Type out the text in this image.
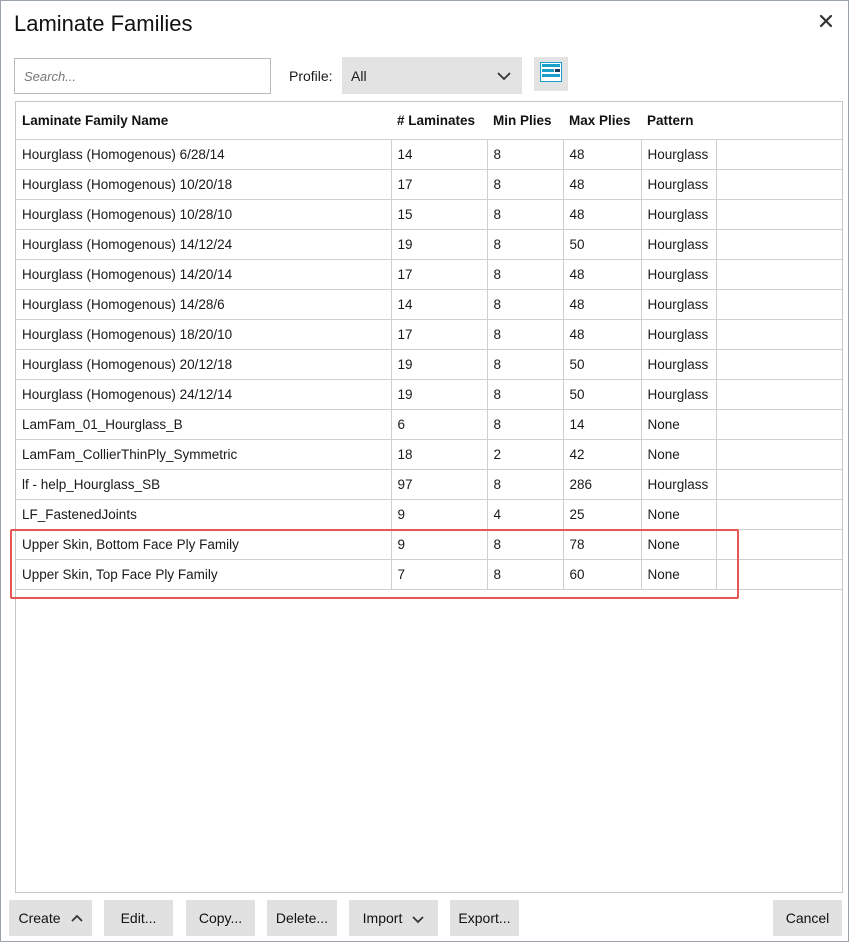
Laminate Families
Search...
Profile: All
Laminate Family Name	# Laminates	Min Plies	Max Plies	Pattern	
Hourglass (Homogenous) 6/28/14	14	8	48	Hourglass	
Hourglass (Homogenous) 10/20/18	17	8	48	Hourglass	
Hourglass (Homogenous) 10/28/10	15	8	48	Hourglass	
Hourglass (Homogenous) 14/12/24	19	8	50	Hourglass	
Hourglass (Homogenous) 14/20/14	17	8	48	Hourglass	
Hourglass (Homogenous) 14/28/6	14	8	48	Hourglass	
Hourglass (Homogenous) 18/20/10	17	8	48	Hourglass	
Hourglass (Homogenous) 20/12/18	19	8	50	Hourglass	
Hourglass (Homogenous) 24/12/14	19	8	50	Hourglass	
LamFam_01_Hourglass_B	6	8	14	None	
LamFam_CollierThinPly_Symmetric	18	2	42	None	
lf - help_Hourglass_SB	97	8	286	Hourglass	
LF_FastenedJoints	9	4	25	None	
Upper Skin, Bottom Face Ply Family	9	8	78	None	
Upper Skin, Top Face Ply Family	7	8	60	None	
Create	Edit...	Copy...	Delete...	Import	Export...	Cancel
